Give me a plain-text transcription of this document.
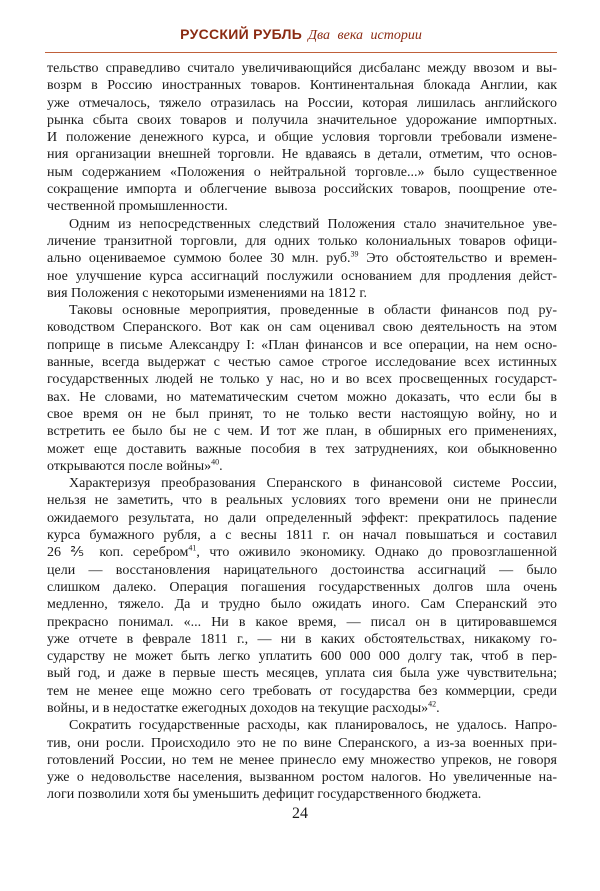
РУССКИЙ РУБЛЬ Два века истории
тельство справедливо считало увеличивающийся дисбаланс между ввозом и вы-
возрм в Россию иностранных товаров. Континентальная блокада Англии, как
уже отмечалось, тяжело отразилась на России, которая лишилась английского
рынка сбыта своих товаров и получила значительное удорожание импортных.
И положение денежного курса, и общие условия торговли требовали измене-
ния организации внешней торговли. Не вдаваясь в детали, отметим, что основ-
ным содержанием «Положения о нейтральной торговле...» было существенное
сокращение импорта и облегчение вывоза российских товаров, поощрение оте-
чественной промышленности.
Одним из непосредственных следствий Положения стало значительное уве-
личение транзитной торговли, для одних только колониальных товаров офици-
ально оцениваемое суммою более 30 млн. руб.$^{39}$ Это обстоятельство и времен-
ное улучшение курса ассигнаций послужили основанием для продления дейст-
вия Положения с некоторыми изменениями на 1812 г.
Таковы основные мероприятия, проведенные в области финансов под ру-
ководством Сперанского. Вот как он сам оценивал свою деятельность на этом
поприще в письме Александру I: «План финансов и все операции, на нем осно-
ванные, всегда выдержат с честью самое строгое исследование всех истинных
государственных людей не только у нас, но и во всех просвещенных государст-
вах. Не словами, но математическим счетом можно доказать, что если бы в
свое время он не был принят, то не только вести настоящую войну, но и
встретить ее было бы не с чем. И тот же план, в обширных его применениях,
может еще доставить важные пособия в тех затруднениях, кои обыкновенно
открываются после войны»$^{40}$.
Характеризуя преобразования Сперанского в финансовой системе России,
нельзя не заметить, что в реальных условиях того времени они не принесли
ожидаемого результата, но дали определенный эффект: прекратилось падение
курса бумажного рубля, а с весны 1811 г. он начал повышаться и составил
26 ⅖ коп. серебром$^{41}$, что оживило экономику. Однако до провозглашенной
цели — восстановления нарицательного достоинства ассигнаций — было
слишком далеко. Операция погашения государственных долгов шла очень
медленно, тяжело. Да и трудно было ожидать иного. Сам Сперанский это
прекрасно понимал. «... Ни в какое время, — писал он в цитировавшемся
уже отчете в феврале 1811 г., — ни в каких обстоятельствах, никакому го-
сударству не может быть легко уплатить 600 000 000 долгу так, чтоб в пер-
вый год, и даже в первые шесть месяцев, уплата сия была уже чувствительна;
тем не менее еще можно сего требовать от государства без коммерции, среди
войны, и в недостатке ежегодных доходов на текущие расходы»$^{42}$.
Сократить государственные расходы, как планировалось, не удалось. Напро-
тив, они росли. Происходило это не по вине Сперанского, а из-за военных при-
готовлений России, но тем не менее принесло ему множество упреков, не говоря
уже о недовольстве населения, вызванном ростом налогов. Но увеличенные на-
логи позволили хотя бы уменьшить дефицит государственного бюджета.
24
